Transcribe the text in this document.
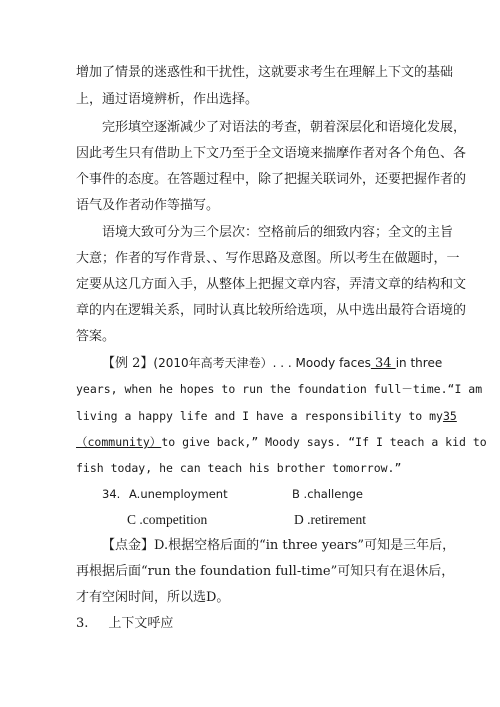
增加了情景的迷惑性和干扰性，这就要求考生在理解上下文的基础
上，通过语境辨析，作出选择。
完形填空逐渐减少了对语法的考查，朝着深层化和语境化发展，
因此考生只有借助上下文乃至于全文语境来揣摩作者对各个角色、各
个事件的态度。在答题过程中，除了把握关联词外，还要把握作者的
语气及作者动作等描写。
语境大致可分为三个层次：空格前后的细致内容；全文的主旨
大意；作者的写作背景、、写作思路及意图。所以考生在做题时，一
定要从这几方面入手，从整体上把握文章内容，弄清文章的结构和文
章的内在逻辑关系，同时认真比较所给选项，从中选出最符合语境的
答案。
【例 2】(2010年高考天津卷）. . . Moody faces 34 in three
years, when he hopes to run the foundation full－time.“I am
living a happy life and I have a responsibility to my35
（community）to give back,” Moody says. “If I teach a kid to
fish today, he can teach his brother tomorrow.”
34. A.unemployment	B .challenge
C .competition	D .retirement
【点金】D.根据空格后面的“in three years”可知是三年后，
再根据后面“run the foundation full-time”可知只有在退休后，
才有空闲时间，所以选D。
3. 上下文呼应
